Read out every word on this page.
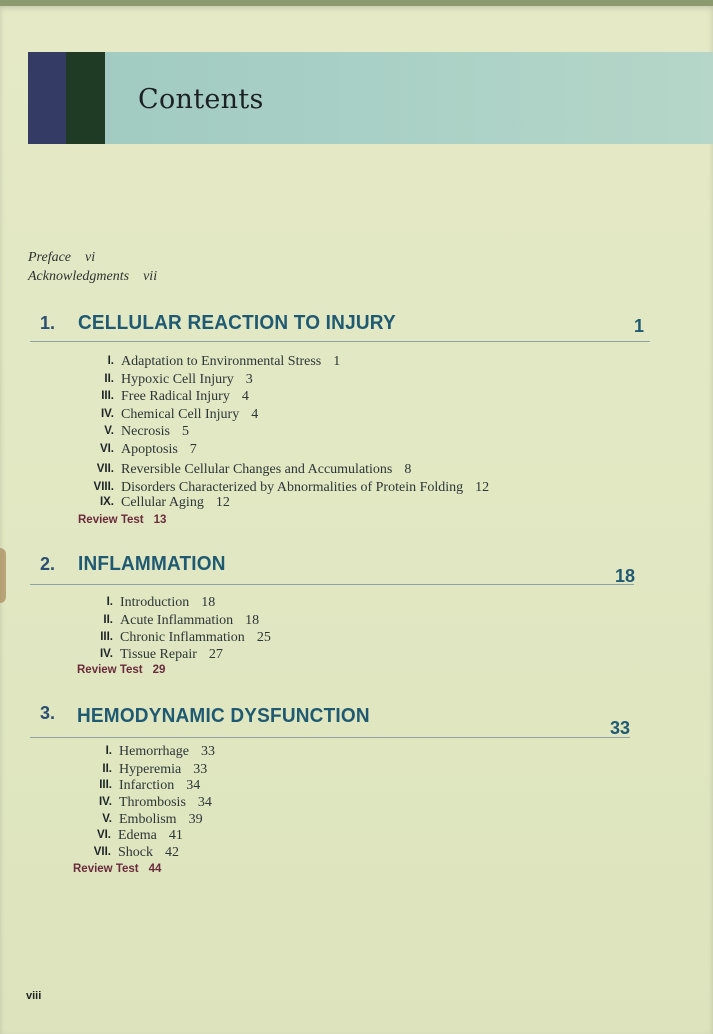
Contents
Preface vi
Acknowledgments vii
1. CELLULAR REACTION TO INJURY	1
I. Adaptation to Environmental Stress 1
II. Hypoxic Cell Injury 3
III. Free Radical Injury 4
IV. Chemical Cell Injury 4
V. Necrosis 5
VI. Apoptosis 7
VII. Reversible Cellular Changes and Accumulations 8
VIII. Disorders Characterized by Abnormalities of Protein Folding 12
IX. Cellular Aging 12
Review Test 13
2. INFLAMMATION
18
I. Introduction 18
II. Acute Inflammation 18
III. Chronic Inflammation 25
IV. Tissue Repair 27
Review Test 29
3. HEMODYNAMIC DYSFUNCTION
33
I. Hemorrhage 33
II. Hyperemia 33
III. Infarction 34
IV. Thrombosis 34
V. Embolism 39
VI. Edema 41
VII. Shock 42
Review Test 44
viii
